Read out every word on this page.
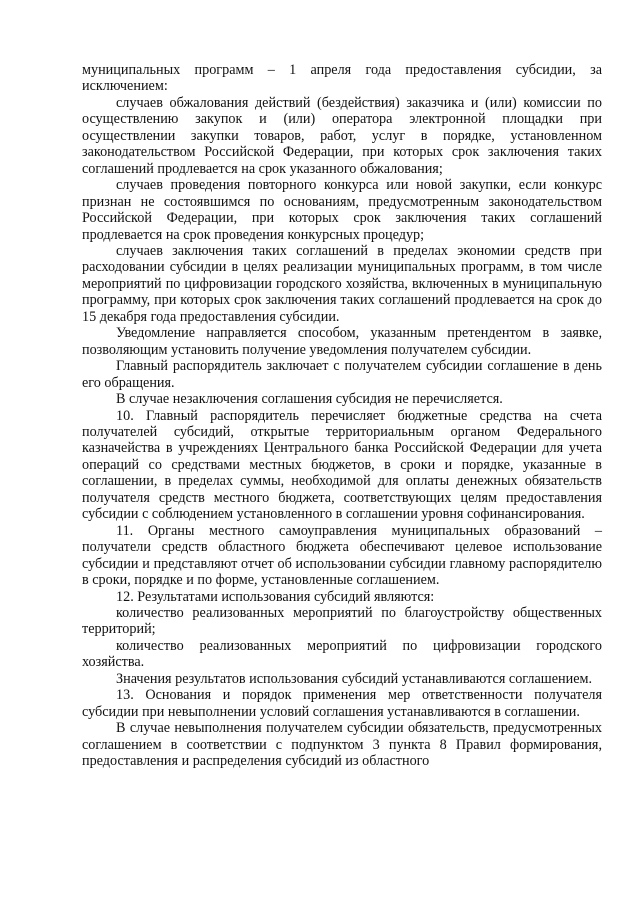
муниципальных программ – 1 апреля года предоставления субсидии, за исключением:

случаев обжалования действий (бездействия) заказчика и (или) комиссии по осуществлению закупок и (или) оператора электронной площадки при осуществлении закупки товаров, работ, услуг в порядке, установленном законодательством Российской Федерации, при которых срок заключения таких соглашений продлевается на срок указанного обжалования;

случаев проведения повторного конкурса или новой закупки, если конкурс признан не состоявшимся по основаниям, предусмотренным законодательством Российской Федерации, при которых срок заключения таких соглашений продлевается на срок проведения конкурсных процедур;

случаев заключения таких соглашений в пределах экономии средств при расходовании субсидии в целях реализации муниципальных программ, в том числе мероприятий по цифровизации городского хозяйства, включенных в муниципальную программу, при которых срок заключения таких соглашений продлевается на срок до 15 декабря года предоставления субсидии.

Уведомление направляется способом, указанным претендентом в заявке, позволяющим установить получение уведомления получателем субсидии.

Главный распорядитель заключает с получателем субсидии соглашение в день его обращения.

В случае незаключения соглашения субсидия не перечисляется.

10. Главный распорядитель перечисляет бюджетные средства на счета получателей субсидий, открытые территориальным органом Федерального казначейства в учреждениях Центрального банка Российской Федерации для учета операций со средствами местных бюджетов, в сроки и порядке, указанные в соглашении, в пределах суммы, необходимой для оплаты денежных обязательств получателя средств местного бюджета, соответствующих целям предоставления субсидии с соблюдением установленного в соглашении уровня софинансирования.

11. Органы местного самоуправления муниципальных образований – получатели средств областного бюджета обеспечивают целевое использование субсидии и представляют отчет об использовании субсидии главному распорядителю в сроки, порядке и по форме, установленные соглашением.

12. Результатами использования субсидий являются:

количество реализованных мероприятий по благоустройству общественных территорий;

количество реализованных мероприятий по цифровизации городского хозяйства.

Значения результатов использования субсидий устанавливаются соглашением.

13. Основания и порядок применения мер ответственности получателя субсидии при невыполнении условий соглашения устанавливаются в соглашении.

В случае невыполнения получателем субсидии обязательств, предусмотренных соглашением в соответствии с подпунктом 3 пункта 8 Правил формирования, предоставления и распределения субсидий из областного
